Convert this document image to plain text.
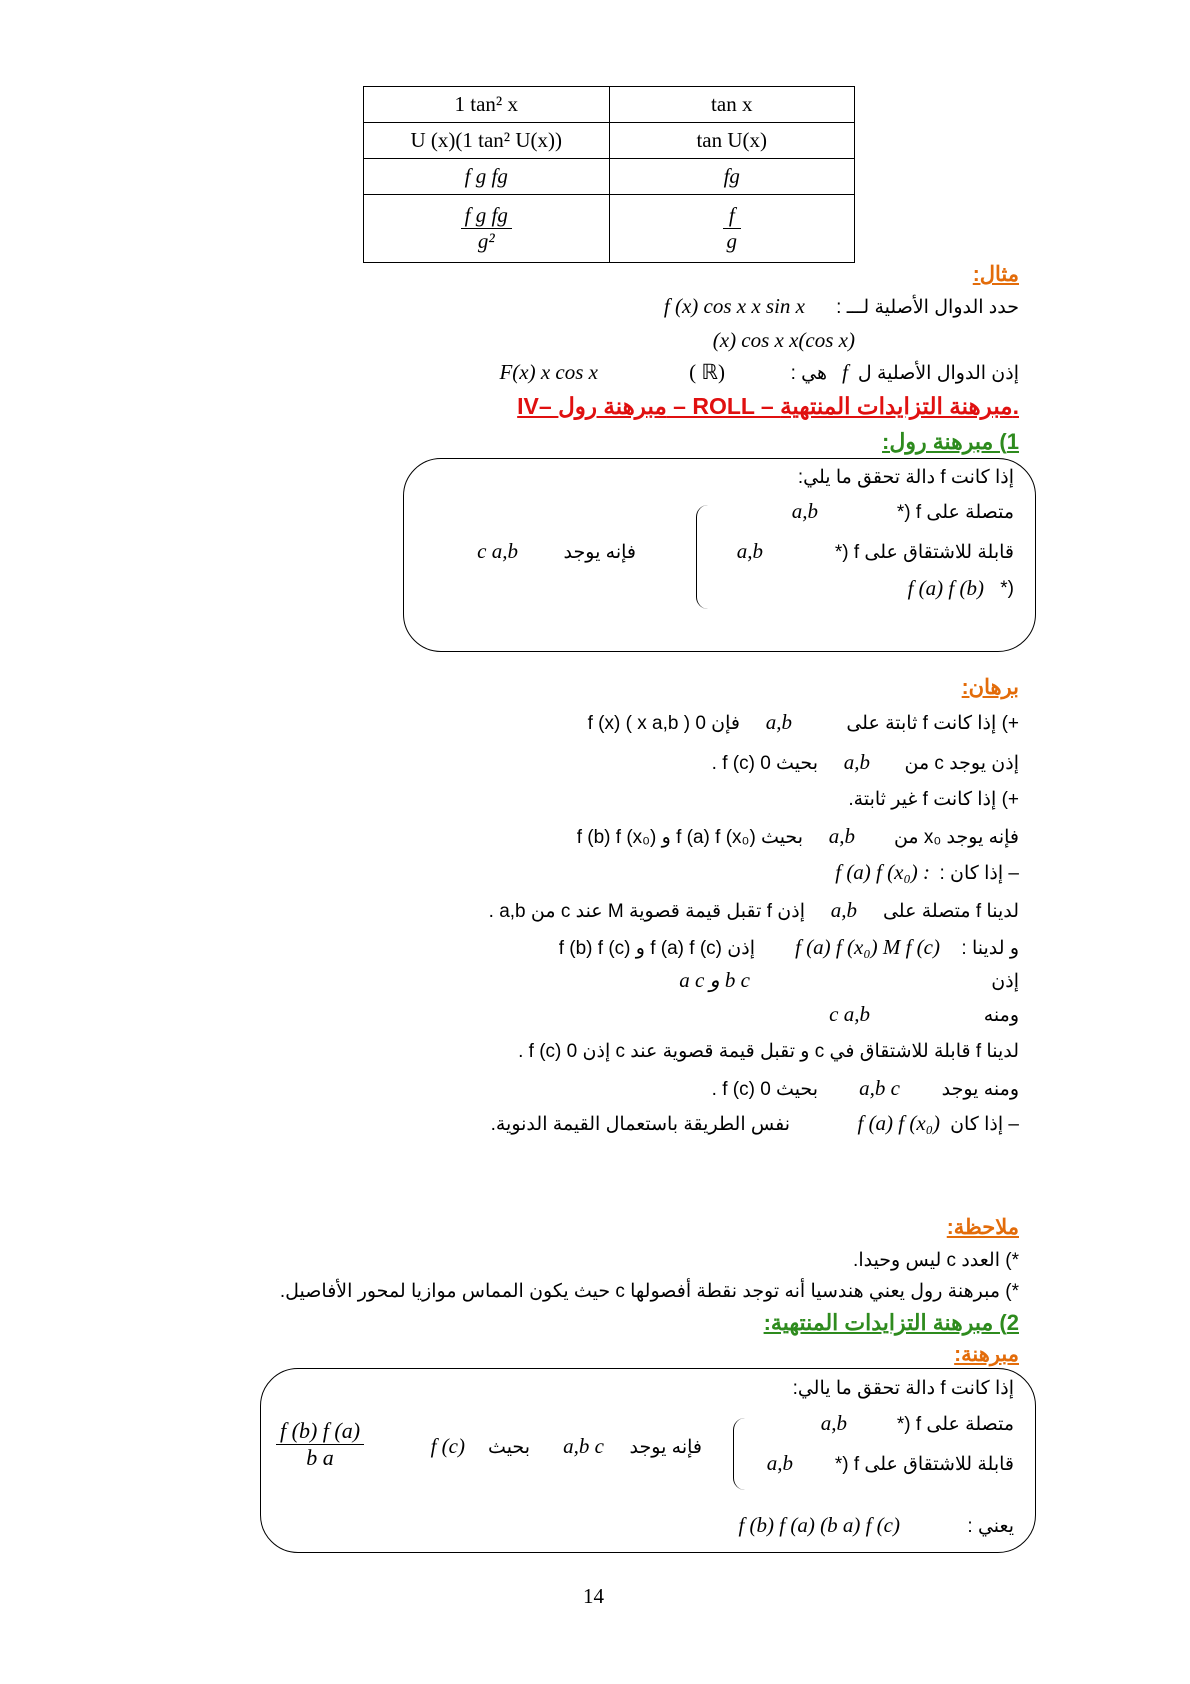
1 tan² x	tan x
U (x)(1 tan² U(x))	tan U(x)
f g fg	fg

$\frac{\text{f g fg}}{\text{g²}}$	$\frac{f}{g}$
مثال:
حدد الدوال الأصلية لـــ :
f (x) cos x x sin x
(x) cos x x(cos x)
إذن الدوال الأصلية ل
f
هي :
( ℝ)
F(x) x cos x
IV– مبرهنة رول – ROLL – مبرهنة التزايدات المنتهية.
1) مبرهنة رول:
إذا كانت f دالة تحقق ما يلي:
*) f متصلة على
a,b
*) f قابلة للاشتقاق على
a,b
*)
f (a) f (b)
فإنه يوجد
c a,b
برهان:
+) إذا كانت f ثابتة على
a,b
فإن 0 f (x) ( x a,b )
إذن يوجد c من
a,b
بحيث 0 f (c) .
+) إذا كانت f غير ثابتة.
فإنه يوجد x₀ من
a,b
بحيث f (a) f (x₀) و f (b) f (x₀)
– إذا كان :
f (a) f (x₀) :
لدينا f متصلة على
a,b
إذن f تقبل قيمة قصوية M عند c من a,b .
و لدينا :
f (a) f (x₀) M f (c)
إذن f (a) f (c) و f (b) f (c)
إذن
a c و b c
ومنه
c a,b
لدينا f قابلة للاشتقاق في c و تقبل قيمة قصوية عند c إذن 0 f (c) .
ومنه يوجد
a,b c
بحيث 0 f (c) .
– إذا كان
f (a) f (x₀)
نفس الطريقة باستعمال القيمة الدنوية.
ملاحظة:
*) العدد c ليس وحيدا.
*) مبرهنة رول يعني هندسيا أنه توجد نقطة أفصولها c حيث يكون المماس موازيا لمحور الأفاصيل.
2) مبرهنة التزايدات المنتهية:
مبرهنة:
إذا كانت f دالة تحقق ما يالي:
*) f متصلة على
a,b
*) f قابلة للاشتقاق على
a,b
فإنه يوجد
a,b c
بحيث
f (c)
$\frac{f (b) f (a)}{\text{b a}}$
يعني :
f (b) f (a) (b a) f (c)
14
